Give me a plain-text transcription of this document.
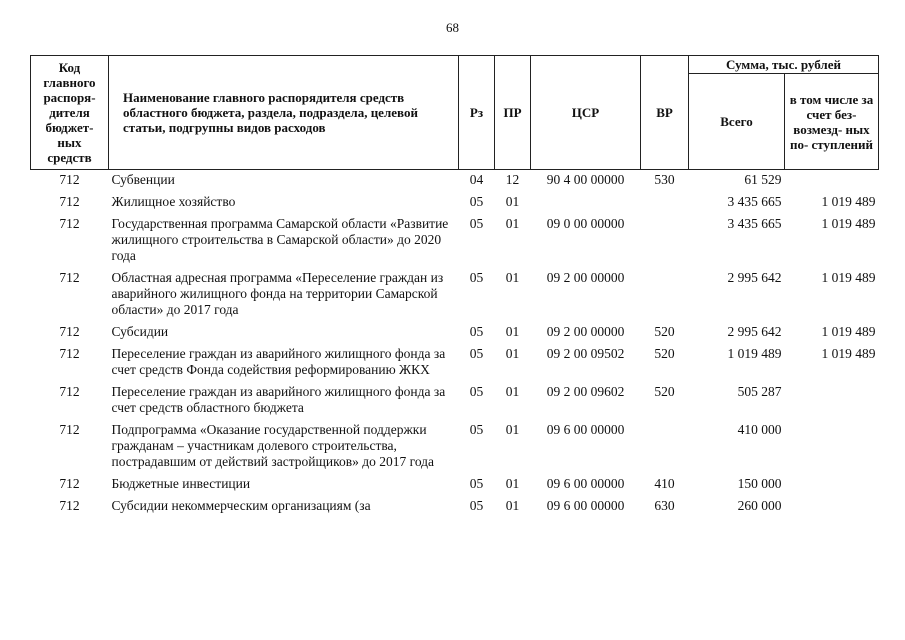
68
Код главного распоря- дителя бюджет- ных средств	Наименование главного распорядителя средств областного бюджета, раздела, подраздела, целевой статьи, подгрупны видов расходов	Рз	ПР	ЦСР	ВР	Сумма, тыс. рублей	
						Всего	в том числе за счет без- возмезд- ных по- ступлений
712	Субвенции	04	12	90 4 00 00000	530	61 529	
712	Жилищное хозяйство	05	01			3 435 665	1 019 489
712	Государственная программа Самарской области «Развитие жилищного строительства в Самарской области» до 2020 года	05	01	09 0 00 00000		3 435 665	1 019 489
712	Областная адресная программа «Переселение граждан из аварийного жилищного фонда на территории Самарской области» до 2017 года	05	01	09 2 00 00000		2 995 642	1 019 489
712	Субсидии	05	01	09 2 00 00000	520	2 995 642	1 019 489
712	Переселение граждан из аварийного жилищного фонда за счет средств Фонда содействия реформированию ЖКХ	05	01	09 2 00 09502	520	1 019 489	1 019 489
712	Переселение граждан из аварийного жилищного фонда за счет средств областного бюджета	05	01	09 2 00 09602	520	505 287	
712	Подпрограмма «Оказание государственной поддержки гражданам – участникам долевого строительства, пострадавшим от действий застройщиков» до 2017 года	05	01	09 6 00 00000		410 000	
712	Бюджетные инвестиции	05	01	09 6 00 00000	410	150 000	
712	Субсидии некоммерческим организациям (за	05	01	09 6 00 00000	630	260 000	
